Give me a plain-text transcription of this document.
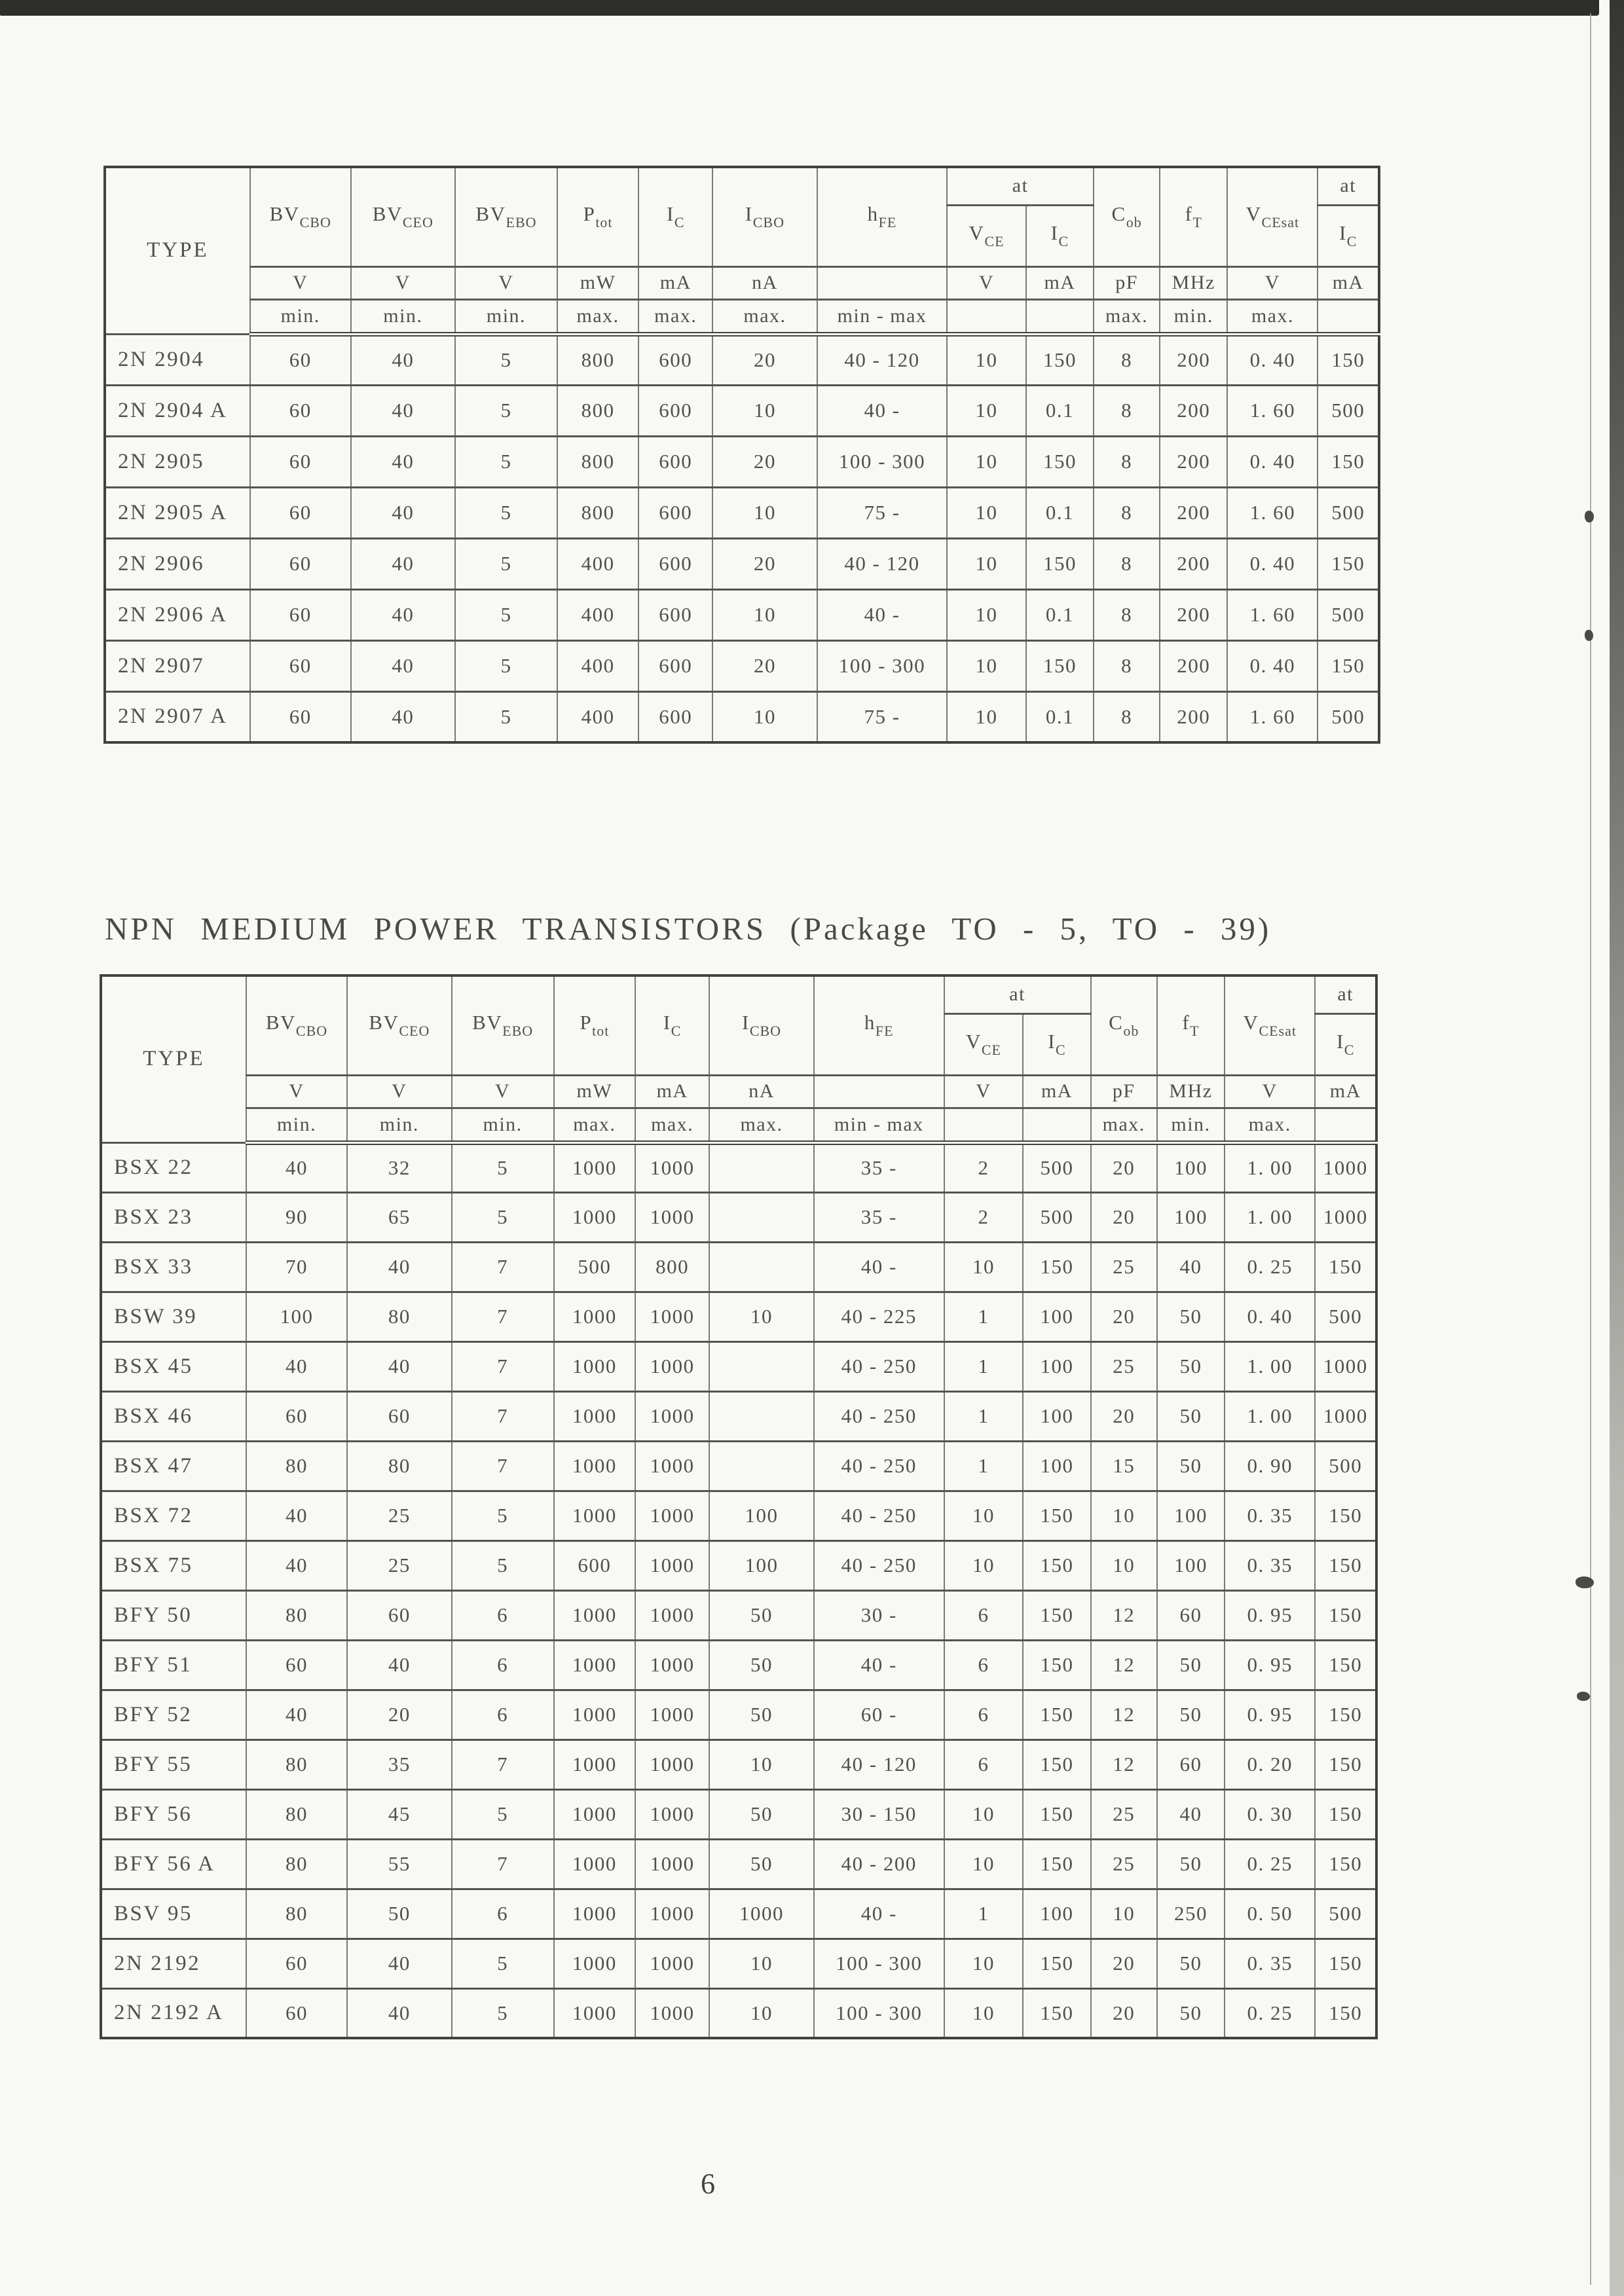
TYPE	$BV_{CBO}$	$BV_{CEO}$	$BV_{EBO}$	$P_{tot}$	$I_C$	$I_{CBO}$	$h_{FE}$	at		$C_{ob}$	$f_T$	$V_{CEsat}$	at
								$V_{CE}$	$I_C$				$I_C$
	V	V	V	mW	mA	nA		V	mA	pF	MHz	V	mA
	min.	min.	min.	max.	max.	max.	min - max			max.	min.	max.	
2N 2904	60	40	5	800	600	20	40 - 120	10	150	8	200	0. 40	150
2N 2904 A	60	40	5	800	600	10	40 -	10	0.1	8	200	1. 60	500
2N 2905	60	40	5	800	600	20	100 - 300	10	150	8	200	0. 40	150
2N 2905 A	60	40	5	800	600	10	75 -	10	0.1	8	200	1. 60	500
2N 2906	60	40	5	400	600	20	40 - 120	10	150	8	200	0. 40	150
2N 2906 A	60	40	5	400	600	10	40 -	10	0.1	8	200	1. 60	500
2N 2907	60	40	5	400	600	20	100 - 300	10	150	8	200	0. 40	150
2N 2907 A	60	40	5	400	600	10	75 -	10	0.1	8	200	1. 60	500
NPN MEDIUM POWER TRANSISTORS (Package TO - 5, TO - 39)
TYPE	$BV_{CBO}$	$BV_{CEO}$	$BV_{EBO}$	$P_{tot}$	$I_C$	$I_{CBO}$	$h_{FE}$	at		$C_{ob}$	$f_T$	$V_{CEsat}$	at
								$V_{CE}$	$I_C$				$I_C$
	V	V	V	mW	mA	nA		V	mA	pF	MHz	V	mA
	min.	min.	min.	max.	max.	max.	min - max			max.	min.	max.	
BSX 22	40	32	5	1000	1000		35 -	2	500	20	100	1. 00	1000
BSX 23	90	65	5	1000	1000		35 -	2	500	20	100	1. 00	1000
BSX 33	70	40	7	500	800		40 -	10	150	25	40	0. 25	150
BSW 39	100	80	7	1000	1000	10	40 - 225	1	100	20	50	0. 40	500
BSX 45	40	40	7	1000	1000		40 - 250	1	100	25	50	1. 00	1000
BSX 46	60	60	7	1000	1000		40 - 250	1	100	20	50	1. 00	1000
BSX 47	80	80	7	1000	1000		40 - 250	1	100	15	50	0. 90	500
BSX 72	40	25	5	1000	1000	100	40 - 250	10	150	10	100	0. 35	150
BSX 75	40	25	5	600	1000	100	40 - 250	10	150	10	100	0. 35	150
BFY 50	80	60	6	1000	1000	50	30 -	6	150	12	60	0. 95	150
BFY 51	60	40	6	1000	1000	50	40 -	6	150	12	50	0. 95	150
BFY 52	40	20	6	1000	1000	50	60 -	6	150	12	50	0. 95	150
BFY 55	80	35	7	1000	1000	10	40 - 120	6	150	12	60	0. 20	150
BFY 56	80	45	5	1000	1000	50	30 - 150	10	150	25	40	0. 30	150
BFY 56 A	80	55	7	1000	1000	50	40 - 200	10	150	25	50	0. 25	150
BSV 95	80	50	6	1000	1000	1000	40 -	1	100	10	250	0. 50	500
2N 2192	60	40	5	1000	1000	10	100 - 300	10	150	20	50	0. 35	150
2N 2192 A	60	40	5	1000	1000	10	100 - 300	10	150	20	50	0. 25	150
6
